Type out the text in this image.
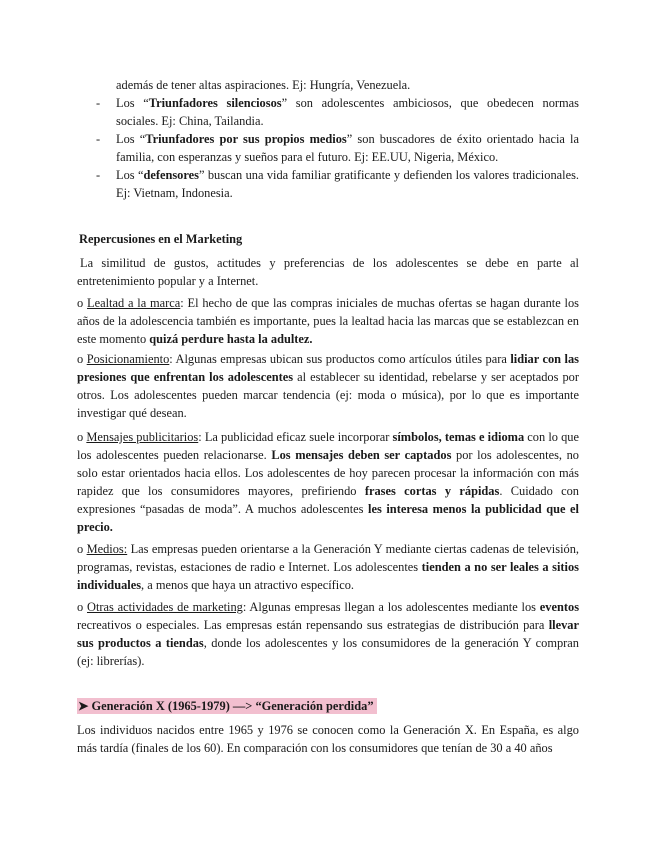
además de tener altas aspiraciones. Ej: Hungría, Venezuela.

-	Los “Triunfadores silenciosos” son adolescentes ambiciosos, que obedecen normas sociales. Ej: China, Tailandia.

-	Los “Triunfadores por sus propios medios” son buscadores de éxito orientado hacia la familia, con esperanzas y sueños para el futuro. Ej: EE.UU, Nigeria, México.

-	Los “defensores” buscan una vida familiar gratificante y defienden los valores tradicionales. Ej: Vietnam, Indonesia.

Repercusiones en el Marketing

La similitud de gustos, actitudes y preferencias de los adolescentes se debe en parte al entretenimiento popular y a Internet.

o Lealtad a la marca: El hecho de que las compras iniciales de muchas ofertas se hagan durante los años de la adolescencia también es importante, pues la lealtad hacia las marcas que se establezcan en este momento quizá perdure hasta la adultez.

o Posicionamiento: Algunas empresas ubican sus productos como artículos útiles para lidiar con las presiones que enfrentan los adolescentes al establecer su identidad, rebelarse y ser aceptados por otros. Los adolescentes pueden marcar tendencia (ej: moda o música), por lo que es importante investigar qué desean.

o Mensajes publicitarios: La publicidad eficaz suele incorporar símbolos, temas e idioma con lo que los adolescentes pueden relacionarse. Los mensajes deben ser captados por los adolescentes, no solo estar orientados hacia ellos. Los adolescentes de hoy parecen procesar la información con más rapidez que los consumidores mayores, prefiriendo frases cortas y rápidas. Cuidado con expresiones “pasadas de moda”. A muchos adolescentes les interesa menos la publicidad que el precio.

o Medios: Las empresas pueden orientarse a la Generación Y mediante ciertas cadenas de televisión, programas, revistas, estaciones de radio e Internet. Los adolescentes tienden a no ser leales a sitios individuales, a menos que haya un atractivo específico.

o Otras actividades de marketing: Algunas empresas llegan a los adolescentes mediante los eventos recreativos o especiales. Las empresas están repensando sus estrategias de distribución para llevar sus productos a tiendas, donde los adolescentes y los consumidores de la generación Y compran (ej: librerías).

➤ Generación X (1965-1979) —> “Generación perdida”

Los individuos nacidos entre 1965 y 1976 se conocen como la Generación X. En España, es algo más tardía (finales de los 60). En comparación con los consumidores que tenían de 30 a 40 años
